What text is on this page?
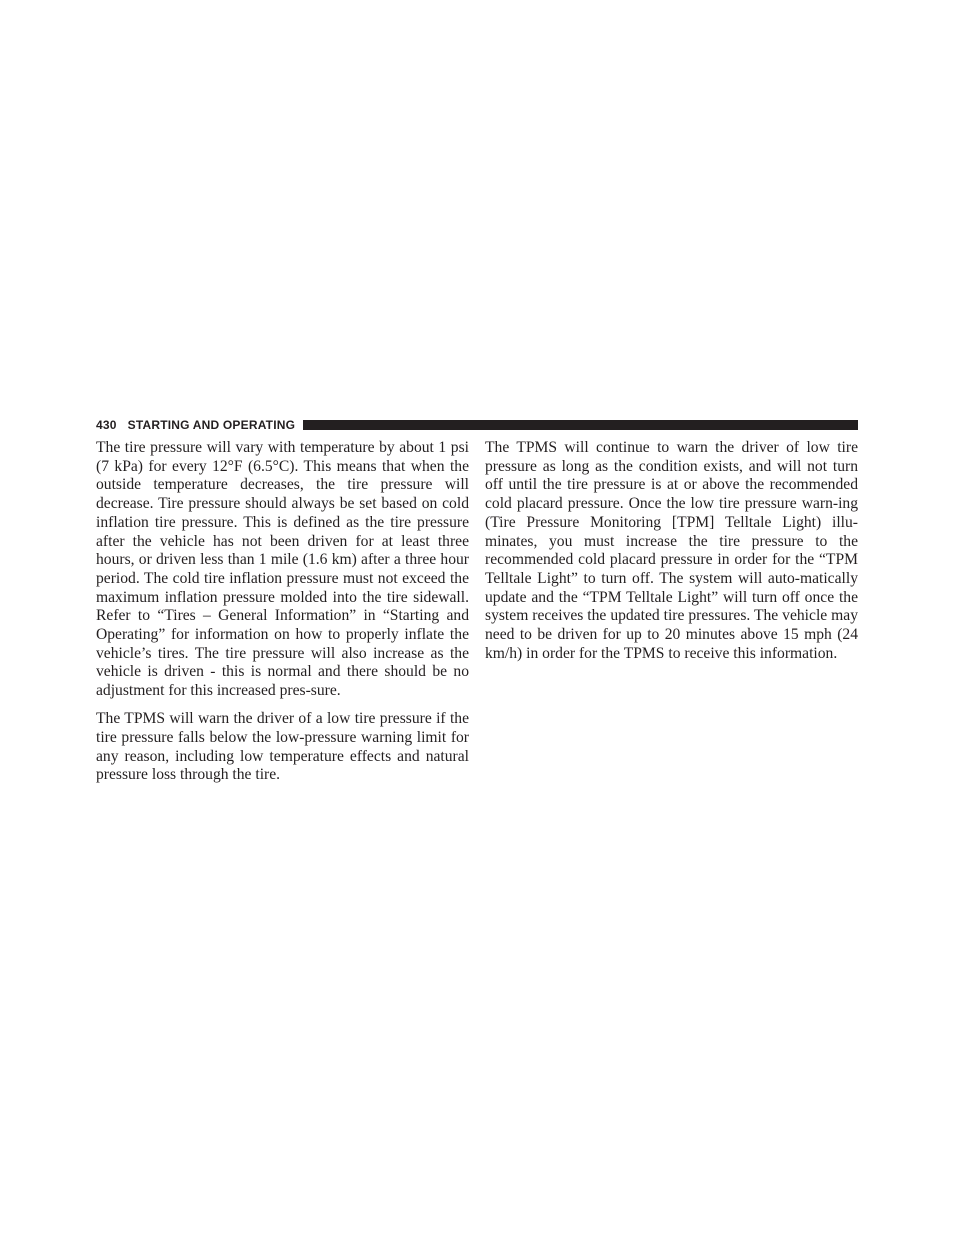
430 STARTING AND OPERATING

The tire pressure will vary with temperature by about 1 psi (7 kPa) for every 12°F (6.5°C). This means that when the outside temperature decreases, the tire pressure will decrease. Tire pressure should always be set based on cold inflation tire pressure. This is defined as the tire pressure after the vehicle has not been driven for at least three hours, or driven less than 1 mile (1.6 km) after a three hour period. The cold tire inflation pressure must not exceed the maximum inflation pressure molded into the tire sidewall. Refer to “Tires – General Information” in “Starting and Operating” for information on how to properly inflate the vehicle’s tires. The tire pressure will also increase as the vehicle is driven - this is normal and there should be no adjustment for this increased pres-sure.

The TPMS will warn the driver of a low tire pressure if the tire pressure falls below the low-pressure warning limit for any reason, including low temperature effects and natural pressure loss through the tire.

The TPMS will continue to warn the driver of low tire pressure as long as the condition exists, and will not turn off until the tire pressure is at or above the recommended cold placard pressure. Once the low tire pressure warn-ing (Tire Pressure Monitoring [TPM] Telltale Light) illu-minates, you must increase the tire pressure to the recommended cold placard pressure in order for the “TPM Telltale Light” to turn off. The system will auto-matically update and the “TPM Telltale Light” will turn off once the system receives the updated tire pressures. The vehicle may need to be driven for up to 20 minutes above 15 mph (24 km/h) in order for the TPMS to receive this information.
